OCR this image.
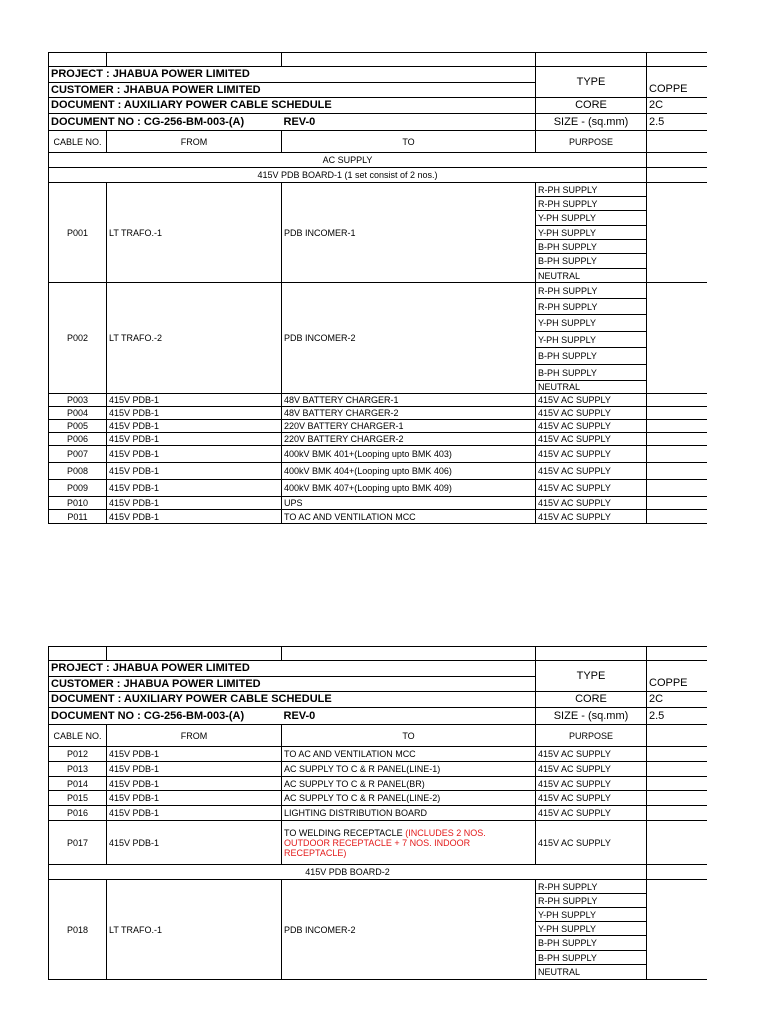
PROJECT : JHABUA POWER LIMITED			TYPE	
CUSTOMER : JHABUA POWER LIMITED				COPPE
DOCUMENT : AUXILIARY POWER CABLE SCHEDULE			CORE	2C
DOCUMENT NO : CG-256-BM-003-(A)		REV-0	SIZE - (sq.mm)	2.5
CABLE NO.	FROM	TO	PURPOSE	
AC SUPPLY				
415V PDB BOARD-1 (1 set consist of 2 nos.)				
P001	LT TRAFO.-1	PDB INCOMER-1	R-PH SUPPLY	
			R-PH SUPPLY	
			Y-PH SUPPLY	
			Y-PH SUPPLY	
			B-PH SUPPLY	
			B-PH SUPPLY	
			NEUTRAL	
P002	LT TRAFO.-2	PDB INCOMER-2	R-PH SUPPLY	
			R-PH SUPPLY	
			Y-PH SUPPLY	
			Y-PH SUPPLY	
			B-PH SUPPLY	
			B-PH SUPPLY	
			NEUTRAL	
P003	415V PDB-1	48V BATTERY CHARGER-1	415V AC SUPPLY	
P004	415V PDB-1	48V BATTERY CHARGER-2	415V AC SUPPLY	
P005	415V PDB-1	220V BATTERY CHARGER-1	415V AC SUPPLY	
P006	415V PDB-1	220V BATTERY CHARGER-2	415V AC SUPPLY	
P007	415V PDB-1	400kV BMK 401+(Looping upto BMK 403)	415V AC SUPPLY	
P008	415V PDB-1	400kV BMK 404+(Looping upto BMK 406)	415V AC SUPPLY	
P009	415V PDB-1	400kV BMK 407+(Looping upto BMK 409)	415V AC SUPPLY	
P010	415V PDB-1	UPS	415V AC SUPPLY	
P011	415V PDB-1	TO AC AND VENTILATION MCC	415V AC SUPPLY	

PROJECT : JHABUA POWER LIMITED			TYPE	
CUSTOMER : JHABUA POWER LIMITED				COPPE
DOCUMENT : AUXILIARY POWER CABLE SCHEDULE			CORE	2C
DOCUMENT NO : CG-256-BM-003-(A)		REV-0	SIZE - (sq.mm)	2.5
CABLE NO.	FROM	TO	PURPOSE	
P012	415V PDB-1	TO AC AND VENTILATION MCC	415V AC SUPPLY	
P013	415V PDB-1	AC SUPPLY TO C & R PANEL(LINE-1)	415V AC SUPPLY	
P014	415V PDB-1	AC SUPPLY TO C & R PANEL(BR)	415V AC SUPPLY	
P015	415V PDB-1	AC SUPPLY TO C & R PANEL(LINE-2)	415V AC SUPPLY	
P016	415V PDB-1	LIGHTING DISTRIBUTION BOARD	415V AC SUPPLY	
P017	415V PDB-1	TO WELDING RECEPTACLE (INCLUDES 2 NOS. OUTDOOR RECEPTACLE + 7 NOS. INDOOR RECEPTACLE)	415V AC SUPPLY	
415V PDB BOARD-2				
P018	LT TRAFO.-1	PDB INCOMER-2	R-PH SUPPLY	
			R-PH SUPPLY	
			Y-PH SUPPLY	
			Y-PH SUPPLY	
			B-PH SUPPLY	
			B-PH SUPPLY	
			NEUTRAL	
